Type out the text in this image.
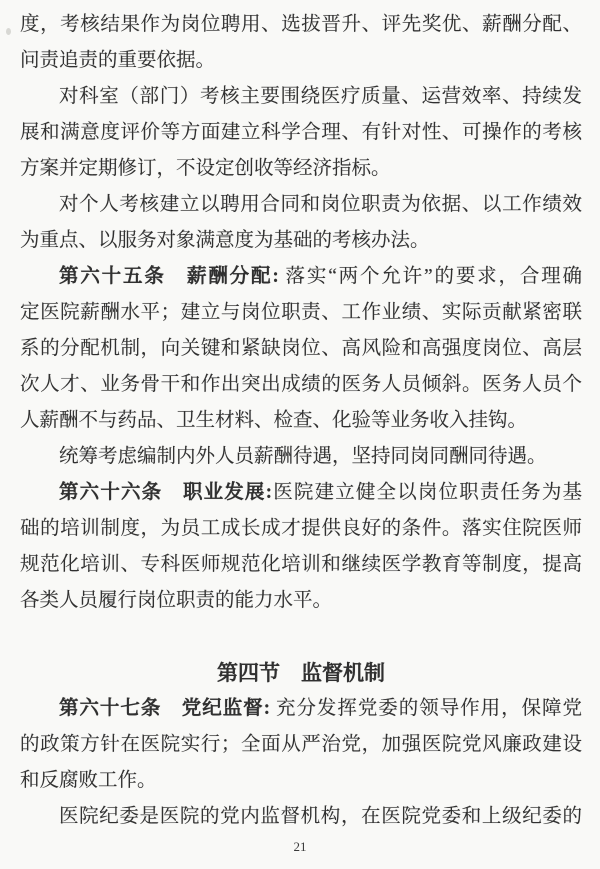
度，考核结果作为岗位聘用、选拔晋升、评先奖优、薪酬分配、
问责追责的重要依据。
对科室（部门）考核主要围绕医疗质量、运营效率、持续发
展和满意度评价等方面建立科学合理、有针对性、可操作的考核
方案并定期修订，不设定创收等经济指标。
对个人考核建立以聘用合同和岗位职责为依据、以工作绩效
为重点、以服务对象满意度为基础的考核办法。
第六十五条　薪酬分配: 落实“两个允许”的要求，合理确
定医院薪酬水平；建立与岗位职责、工作业绩、实际贡献紧密联
系的分配机制，向关键和紧缺岗位、高风险和高强度岗位、高层
次人才、业务骨干和作出突出成绩的医务人员倾斜。医务人员个
人薪酬不与药品、卫生材料、检查、化验等业务收入挂钩。
统筹考虑编制内外人员薪酬待遇，坚持同岗同酬同待遇。
第六十六条　职业发展:医院建立健全以岗位职责任务为基
础的培训制度，为员工成长成才提供良好的条件。落实住院医师
规范化培训、专科医师规范化培训和继续医学教育等制度，提高
各类人员履行岗位职责的能力水平。
第四节　监督机制
第六十七条　党纪监督: 充分发挥党委的领导作用，保障党
的政策方针在医院实行；全面从严治党，加强医院党风廉政建设
和反腐败工作。
医院纪委是医院的党内监督机构，在医院党委和上级纪委的
21
